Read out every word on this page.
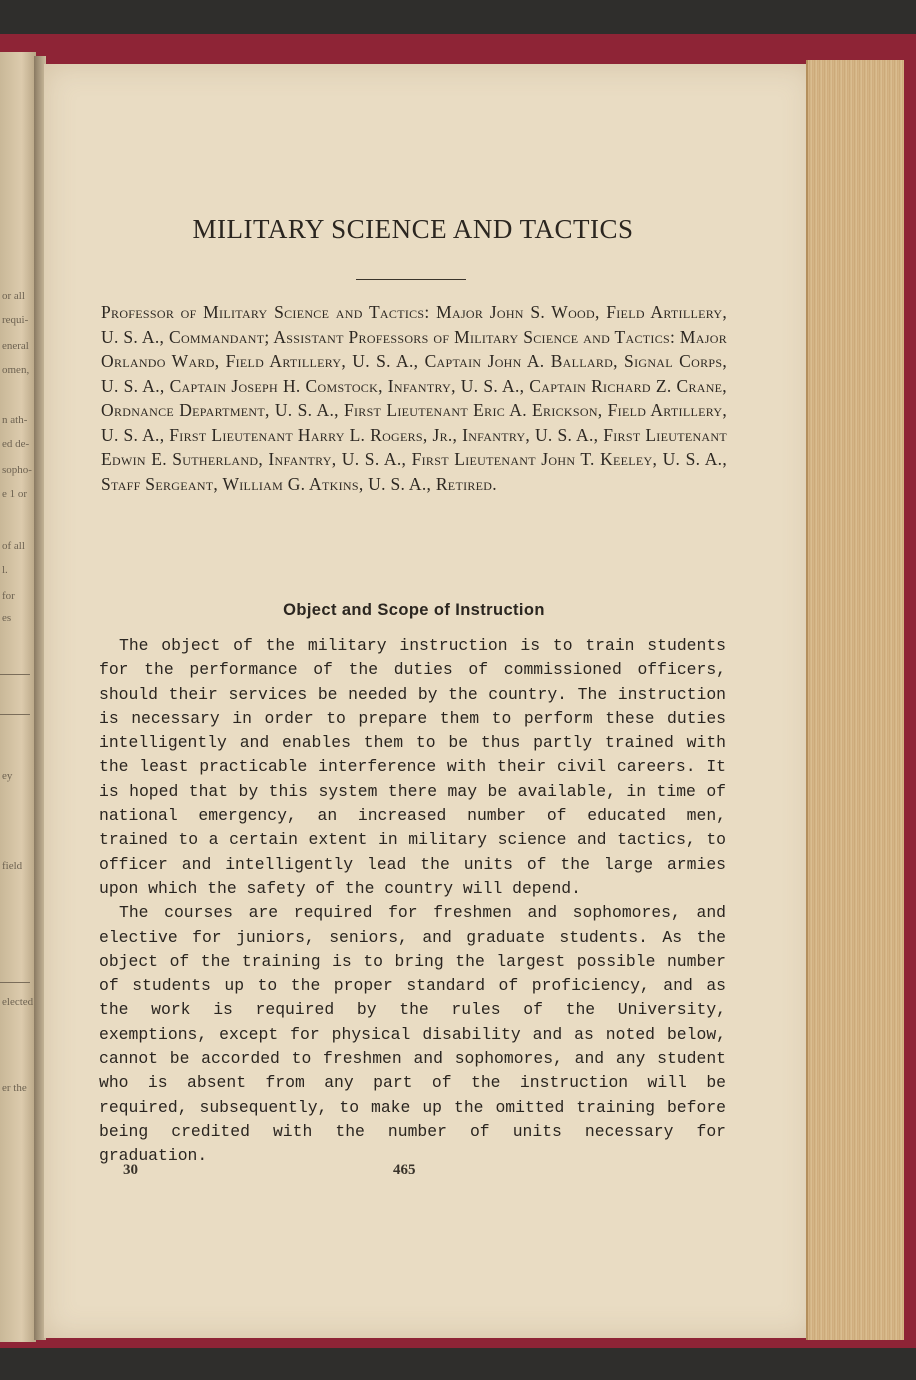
or all
requi-
eneral
omen,
n ath-
ed de-
sopho-
e 1 or
of all
l.
for
es
ey
field
elected
er the
MILITARY SCIENCE AND TACTICS
Professor of Military Science and Tactics: Major John S. Wood, Field Artillery, U. S. A., Commandant; Assistant Professors of Military Science and Tactics: Major Orlando Ward, Field Artillery, U. S. A., Captain John A. Ballard, Signal Corps, U. S. A., Captain Joseph H. Comstock, Infantry, U. S. A., Captain Richard Z. Crane, Ordnance Department, U. S. A., First Lieutenant Eric A. Erickson, Field Artillery, U. S. A., First Lieutenant Harry L. Rogers, Jr., Infantry, U. S. A., First Lieutenant Edwin E. Sutherland, Infantry, U. S. A., First Lieutenant John T. Keeley, U. S. A., Staff Sergeant, William G. Atkins, U. S. A., Retired.
Object and Scope of Instruction

The object of the military instruction is to train students for the performance of the duties of commissioned officers, should their services be needed by the country. The instruction is necessary in order to prepare them to perform these duties intelligently and enables them to be thus partly trained with the least practicable interference with their civil careers. It is hoped that by this system there may be available, in time of national emergency, an increased number of educated men, trained to a certain extent in military science and tactics, to officer and intelligently lead the units of the large armies upon which the safety of the country will depend.

The courses are required for freshmen and sophomores, and elective for juniors, seniors, and graduate students. As the object of the training is to bring the largest possible number of students up to the proper standard of proficiency, and as the work is required by the rules of the University, exemptions, except for physical disability and as noted below, cannot be accorded to freshmen and sophomores, and any student who is absent from any part of the instruction will be required, subsequently, to make up the omitted training before being credited with the number of units necessary for graduation.

30	465
